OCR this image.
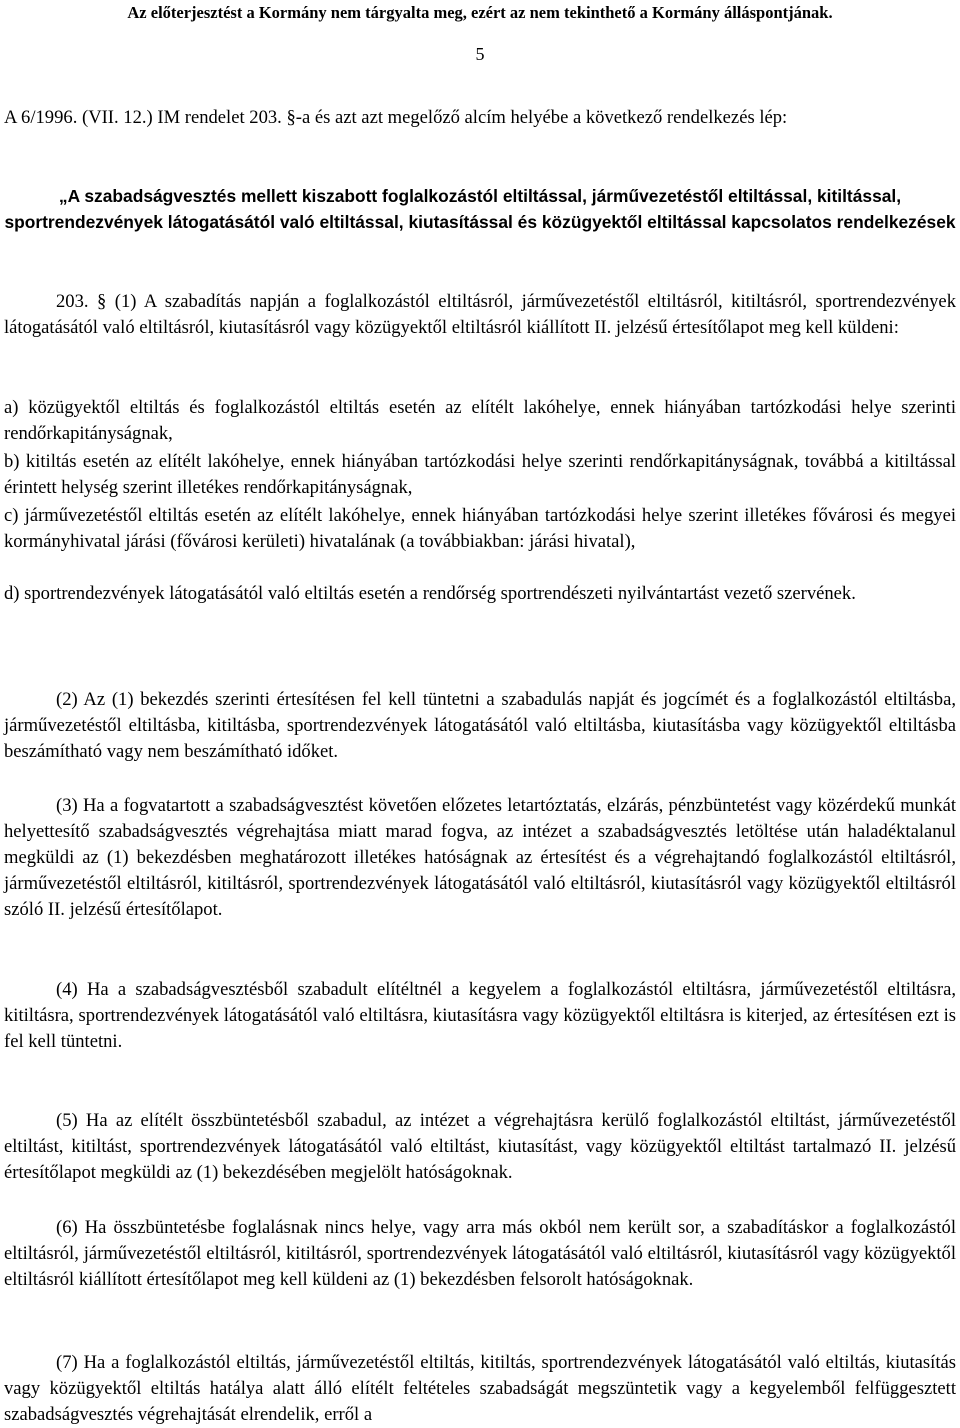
Az előterjesztést a Kormány nem tárgyalta meg, ezért az nem tekinthető a Kormány álláspontjának.
5

A 6/1996. (VII. 12.) IM rendelet 203. §-a és azt azt megelőző alcím helyébe a következő rendelkezés lép:

„A szabadságvesztés mellett kiszabott foglalkozástól eltiltással, járművezetéstől eltiltással, kitiltással, sportrendezvények látogatásától való eltiltással, kiutasítással és közügyektől eltiltással kapcsolatos rendelkezések

203. § (1) A szabadítás napján a foglalkozástól eltiltásról, járművezetéstől eltiltásról, kitiltásról, sportrendezvények látogatásától való eltiltásról, kiutasításról vagy közügyektől eltiltásról kiállított II. jelzésű értesítőlapot meg kell küldeni:

a) közügyektől eltiltás és foglalkozástól eltiltás esetén az elítélt lakóhelye, ennek hiányában tartózkodási helye szerinti rendőrkapitányságnak,

b) kitiltás esetén az elítélt lakóhelye, ennek hiányában tartózkodási helye szerinti rendőrkapitányságnak, továbbá a kitiltással érintett helység szerint illetékes rendőrkapitányságnak,

c) járművezetéstől eltiltás esetén az elítélt lakóhelye, ennek hiányában tartózkodási helye szerint illetékes fővárosi és megyei kormányhivatal járási (fővárosi kerületi) hivatalának (a továbbiakban: járási hivatal),

d) sportrendezvények látogatásától való eltiltás esetén a rendőrség sportrendészeti nyilvántartást vezető szervének.

(2) Az (1) bekezdés szerinti értesítésen fel kell tüntetni a szabadulás napját és jogcímét és a foglalkozástól eltiltásba, járművezetéstől eltiltásba, kitiltásba, sportrendezvények látogatásától való eltiltásba, kiutasításba vagy közügyektől eltiltásba beszámítható vagy nem beszámítható időket.

(3) Ha a fogvatartott a szabadságvesztést követően előzetes letartóztatás, elzárás, pénzbüntetést vagy közérdekű munkát helyettesítő szabadságvesztés végrehajtása miatt marad fogva, az intézet a szabadságvesztés letöltése után haladéktalanul megküldi az (1) bekezdésben meghatározott illetékes hatóságnak az értesítést és a végrehajtandó foglalkozástól eltiltásról, járművezetéstől eltiltásról, kitiltásról, sportrendezvények látogatásától való eltiltásról, kiutasításról vagy közügyektől eltiltásról szóló II. jelzésű értesítőlapot.

(4) Ha a szabadságvesztésből szabadult elítéltnél a kegyelem a foglalkozástól eltiltásra, járművezetéstől eltiltásra, kitiltásra, sportrendezvények látogatásától való eltiltásra, kiutasításra vagy közügyektől eltiltásra is kiterjed, az értesítésen ezt is fel kell tüntetni.

(5) Ha az elítélt összbüntetésből szabadul, az intézet a végrehajtásra kerülő foglalkozástól eltiltást, járművezetéstől eltiltást, kitiltást, sportrendezvények látogatásától való eltiltást, kiutasítást, vagy közügyektől eltiltást tartalmazó II. jelzésű értesítőlapot megküldi az (1) bekezdésében megjelölt hatóságoknak.

(6) Ha összbüntetésbe foglalásnak nincs helye, vagy arra más okból nem került sor, a szabadításkor a foglalkozástól eltiltásról, járművezetéstől eltiltásról, kitiltásról, sportrendezvények látogatásától való eltiltásról, kiutasításról vagy közügyektől eltiltásról kiállított értesítőlapot meg kell küldeni az (1) bekezdésben felsorolt hatóságoknak.

(7) Ha a foglalkozástól eltiltás, járművezetéstől eltiltás, kitiltás, sportrendezvények látogatásától való eltiltás, kiutasítás vagy közügyektől eltiltás hatálya alatt álló elítélt feltételes szabadságát megszüntetik vagy a kegyelemből felfüggesztett szabadságvesztés végrehajtását elrendelik, erről a
